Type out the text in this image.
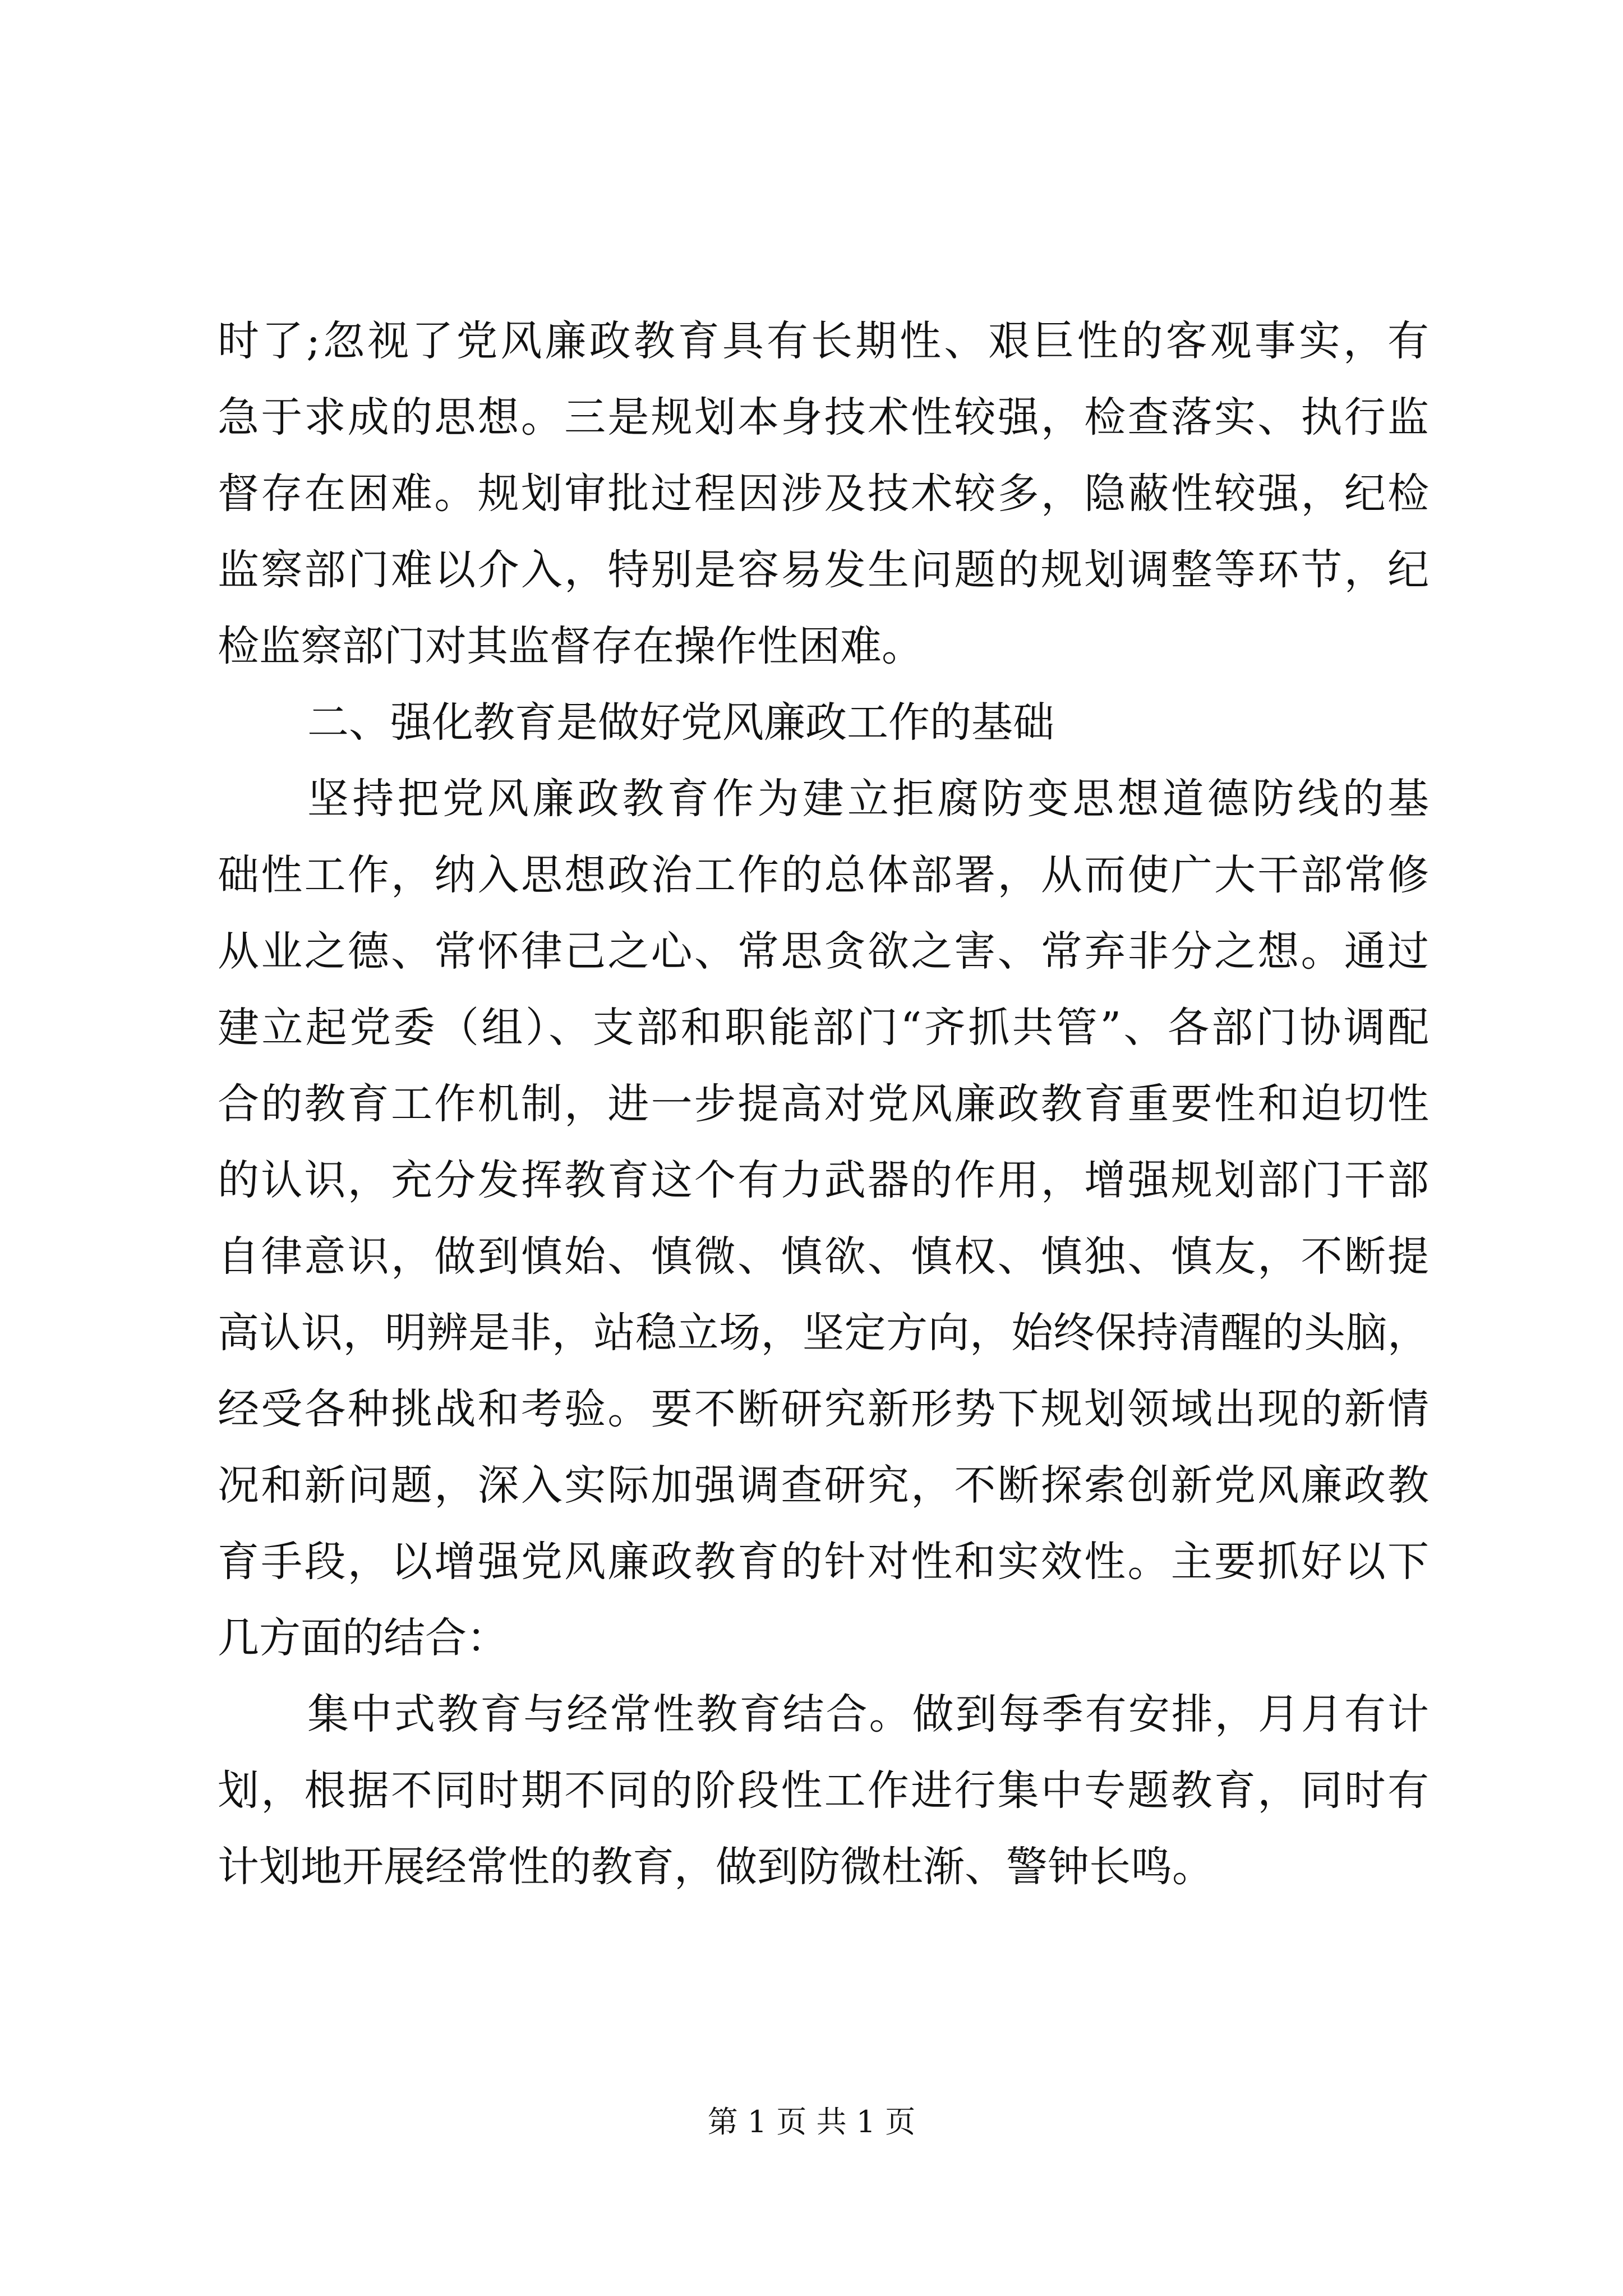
时了;忽视了党风廉政教育具有长期性、艰巨性的客观事实，有
急于求成的思想。三是规划本身技术性较强，检查落实、执行监
督存在困难。规划审批过程因涉及技术较多，隐蔽性较强，纪检
监察部门难以介入，特别是容易发生问题的规划调整等环节，纪
检监察部门对其监督存在操作性困难。
二、强化教育是做好党风廉政工作的基础
坚持把党风廉政教育作为建立拒腐防变思想道德防线的基
础性工作，纳入思想政治工作的总体部署，从而使广大干部常修
从业之德、常怀律己之心、常思贪欲之害、常弃非分之想。通过
建立起党委（组）、支部和职能部门“齐抓共管”、各部门协调配
合的教育工作机制，进一步提高对党风廉政教育重要性和迫切性
的认识，充分发挥教育这个有力武器的作用，增强规划部门干部
自律意识，做到慎始、慎微、慎欲、慎权、慎独、慎友，不断提
高认识，明辨是非，站稳立场，坚定方向，始终保持清醒的头脑，
经受各种挑战和考验。要不断研究新形势下规划领域出现的新情
况和新问题，深入实际加强调查研究，不断探索创新党风廉政教
育手段，以增强党风廉政教育的针对性和实效性。主要抓好以下
几方面的结合：
集中式教育与经常性教育结合。做到每季有安排，月月有计
划，根据不同时期不同的阶段性工作进行集中专题教育，同时有
计划地开展经常性的教育，做到防微杜渐、警钟长鸣。
第 1 页 共 1 页
